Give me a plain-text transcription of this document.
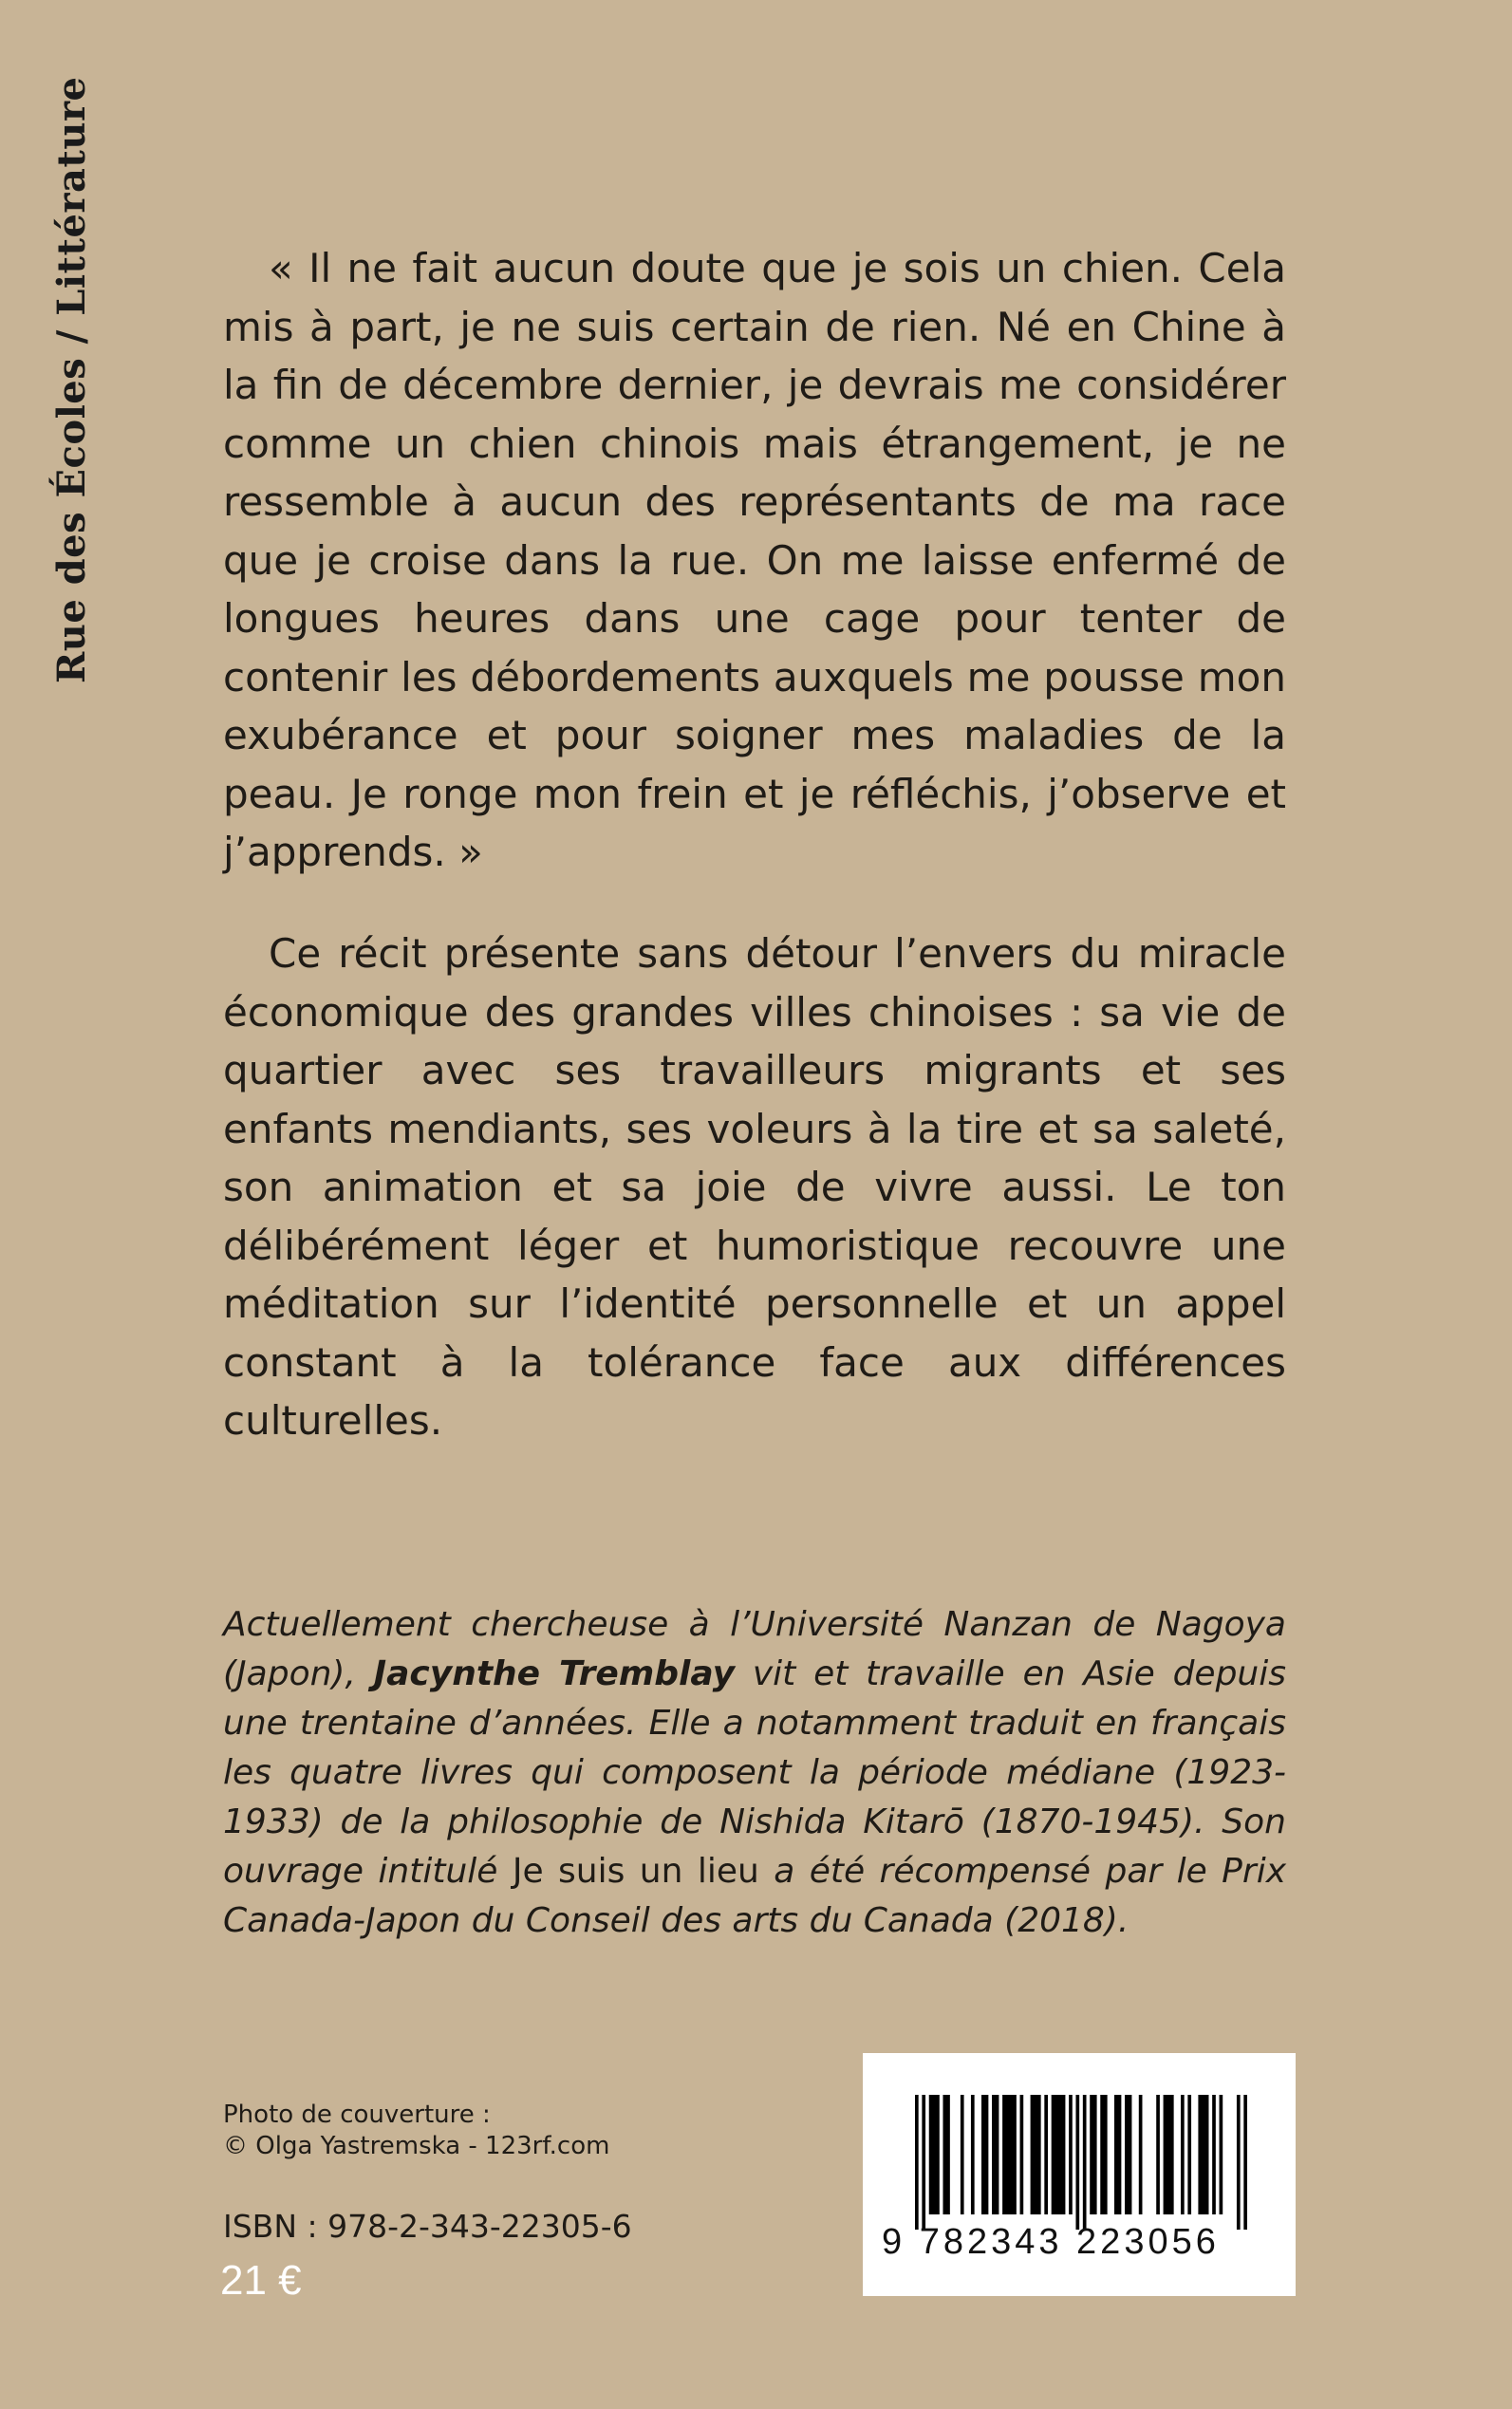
Rue des Écoles / Littérature	« Il ne fait aucun doute que je sois un chien. Cela mis à part, je ne suis certain de rien. Né en Chine à la fin de décembre dernier, je devrais me considérer comme un chien chinois mais étrangement, je ne ressemble à aucun des représentants de ma race que je croise dans la rue. On me laisse enfermé de longues heures dans une cage pour tenter de contenir les débordements auxquels me pousse mon exubérance et pour soigner mes maladies de la peau. Je ronge mon frein et je réfléchis, j’observe et j’apprends. »

Ce récit présente sans détour l’envers du miracle économique des grandes villes chinoises : sa vie de quartier avec ses travailleurs migrants et ses enfants mendiants, ses voleurs à la tire et sa saleté, son animation et sa joie de vivre aussi. Le ton délibérément léger et humoristique recouvre une méditation sur l’identité personnelle et un appel constant à la tolérance face aux différences culturelles.

Actuellement chercheuse à l’Université Nanzan de Nagoya (Japon), Jacynthe Tremblay vit et travaille en Asie depuis une trentaine d’années. Elle a notamment traduit en français les quatre livres qui composent la période médiane (1923-1933) de la philosophie de Nishida Kitarō (1870-1945). Son ouvrage intitulé Je suis un lieu a été récompensé par le Prix Canada-Japon du Conseil des arts du Canada (2018).

Photo de couverture :
© Olga Yastremska - 123rf.com
ISBN : 978-2-343-22305-6
21 €
9 782343 223056
